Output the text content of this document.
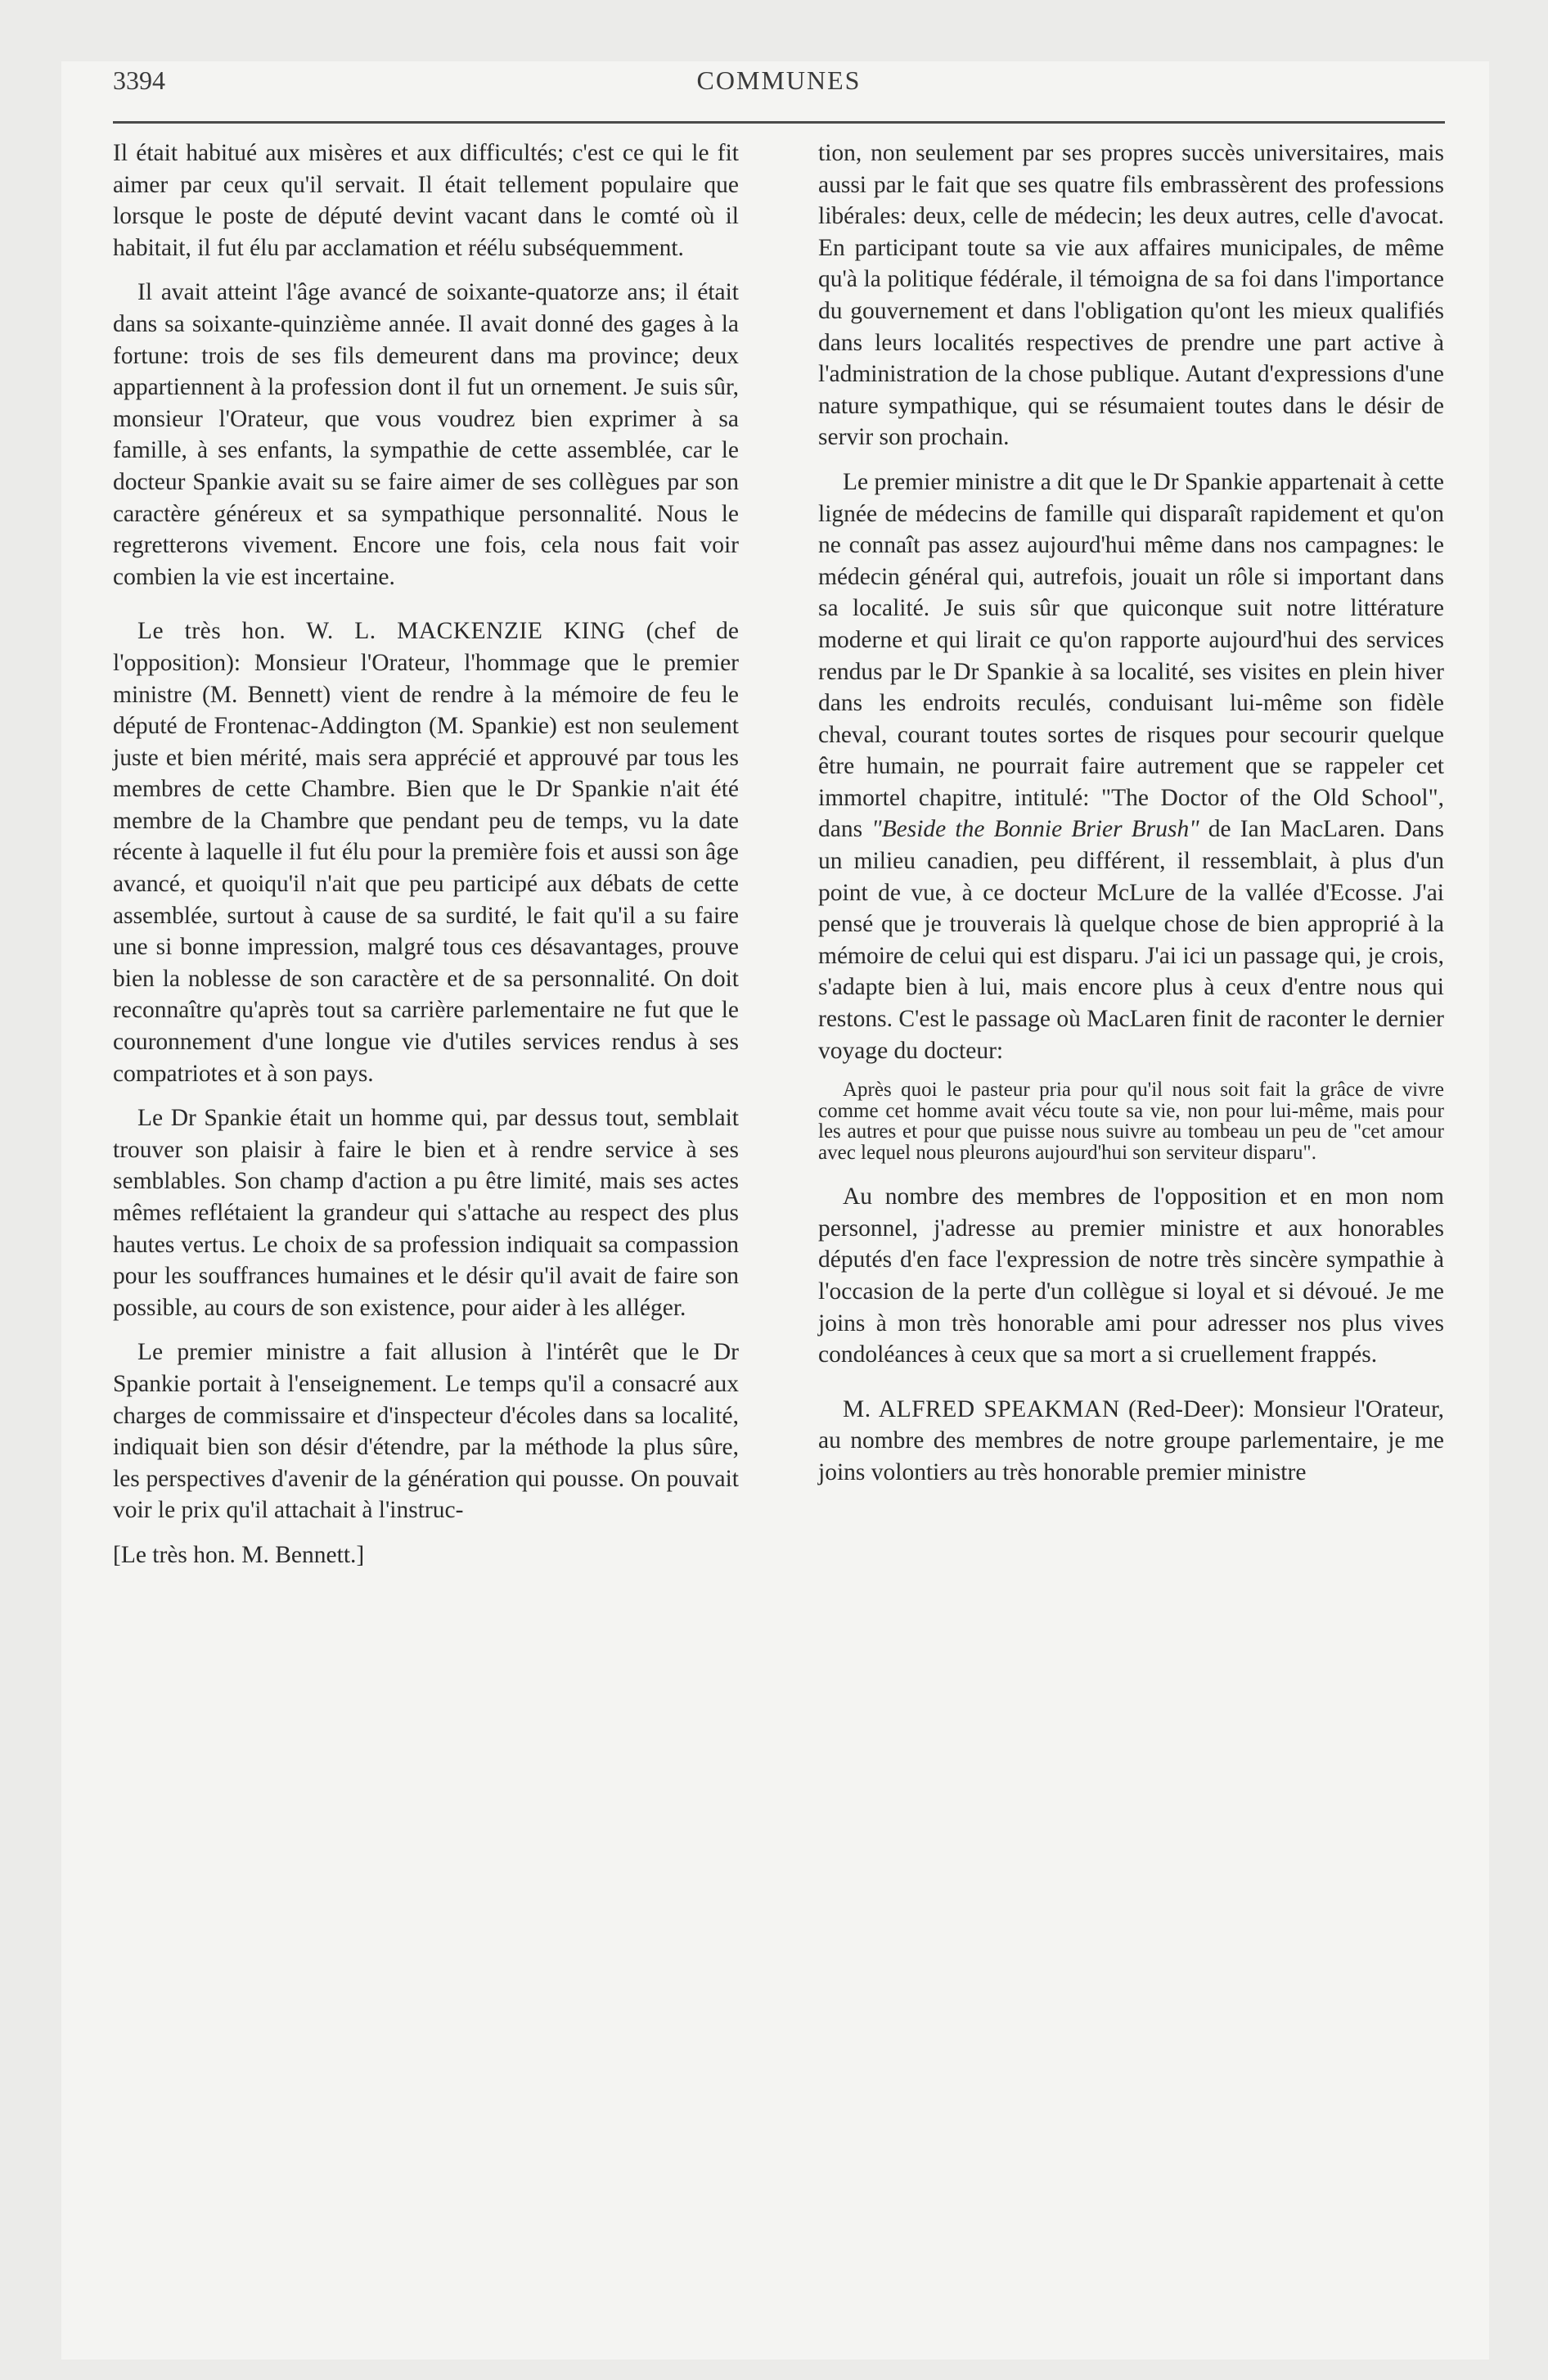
3394	COMMUNES

Il était habitué aux misères et aux difficultés; c'est ce qui le fit aimer par ceux qu'il servait. Il était tellement populaire que lorsque le poste de député devint vacant dans le comté où il habitait, il fut élu par acclamation et réélu subséquemment.

Il avait atteint l'âge avancé de soixante-quatorze ans; il était dans sa soixante-quinzième année. Il avait donné des gages à la fortune: trois de ses fils demeurent dans ma province; deux appartiennent à la profession dont il fut un ornement. Je suis sûr, monsieur l'Orateur, que vous voudrez bien exprimer à sa famille, à ses enfants, la sympathie de cette assemblée, car le docteur Spankie avait su se faire aimer de ses collègues par son caractère généreux et sa sympathique personnalité. Nous le regretterons vivement. Encore une fois, cela nous fait voir combien la vie est incertaine.

Le très hon. W. L. MACKENZIE KING (chef de l'opposition): Monsieur l'Orateur, l'hommage que le premier ministre (M. Bennett) vient de rendre à la mémoire de feu le député de Frontenac-Addington (M. Spankie) est non seulement juste et bien mérité, mais sera apprécié et approuvé par tous les membres de cette Chambre. Bien que le Dr Spankie n'ait été membre de la Chambre que pendant peu de temps, vu la date récente à laquelle il fut élu pour la première fois et aussi son âge avancé, et quoiqu'il n'ait que peu participé aux débats de cette assemblée, surtout à cause de sa surdité, le fait qu'il a su faire une si bonne impression, malgré tous ces désavantages, prouve bien la noblesse de son caractère et de sa personnalité. On doit reconnaître qu'après tout sa carrière parlementaire ne fut que le couronnement d'une longue vie d'utiles services rendus à ses compatriotes et à son pays.

Le Dr Spankie était un homme qui, par dessus tout, semblait trouver son plaisir à faire le bien et à rendre service à ses semblables. Son champ d'action a pu être limité, mais ses actes mêmes reflétaient la grandeur qui s'attache au respect des plus hautes vertus. Le choix de sa profession indiquait sa compassion pour les souffrances humaines et le désir qu'il avait de faire son possible, au cours de son existence, pour aider à les alléger.

Le premier ministre a fait allusion à l'intérêt que le Dr Spankie portait à l'enseignement. Le temps qu'il a consacré aux charges de commissaire et d'inspecteur d'écoles dans sa localité, indiquait bien son désir d'étendre, par la méthode la plus sûre, les perspectives d'avenir de la génération qui pousse. On pouvait voir le prix qu'il attachait à l'instruc-

[Le très hon. M. Bennett.]

tion, non seulement par ses propres succès universitaires, mais aussi par le fait que ses quatre fils embrassèrent des professions libérales: deux, celle de médecin; les deux autres, celle d'avocat. En participant toute sa vie aux affaires municipales, de même qu'à la politique fédérale, il témoigna de sa foi dans l'importance du gouvernement et dans l'obligation qu'ont les mieux qualifiés dans leurs localités respectives de prendre une part active à l'administration de la chose publique. Autant d'expressions d'une nature sympathique, qui se résumaient toutes dans le désir de servir son prochain.

Le premier ministre a dit que le Dr Spankie appartenait à cette lignée de médecins de famille qui disparaît rapidement et qu'on ne connaît pas assez aujourd'hui même dans nos campagnes: le médecin général qui, autrefois, jouait un rôle si important dans sa localité. Je suis sûr que quiconque suit notre littérature moderne et qui lirait ce qu'on rapporte aujourd'hui des services rendus par le Dr Spankie à sa localité, ses visites en plein hiver dans les endroits reculés, conduisant lui-même son fidèle cheval, courant toutes sortes de risques pour secourir quelque être humain, ne pourrait faire autrement que se rappeler cet immortel chapitre, intitulé: "The Doctor of the Old School", dans "Beside the Bonnie Brier Brush" de Ian MacLaren. Dans un milieu canadien, peu différent, il ressemblait, à plus d'un point de vue, à ce docteur McLure de la vallée d'Ecosse. J'ai pensé que je trouverais là quelque chose de bien approprié à la mémoire de celui qui est disparu. J'ai ici un passage qui, je crois, s'adapte bien à lui, mais encore plus à ceux d'entre nous qui restons. C'est le passage où MacLaren finit de raconter le dernier voyage du docteur:

Après quoi le pasteur pria pour qu'il nous soit fait la grâce de vivre comme cet homme avait vécu toute sa vie, non pour lui-même, mais pour les autres et pour que puisse nous suivre au tombeau un peu de "cet amour avec lequel nous pleurons aujourd'hui son serviteur disparu".

Au nombre des membres de l'opposition et en mon nom personnel, j'adresse au premier ministre et aux honorables députés d'en face l'expression de notre très sincère sympathie à l'occasion de la perte d'un collègue si loyal et si dévoué. Je me joins à mon très honorable ami pour adresser nos plus vives condoléances à ceux que sa mort a si cruellement frappés.

M. ALFRED SPEAKMAN (Red-Deer): Monsieur l'Orateur, au nombre des membres de notre groupe parlementaire, je me joins volontiers au très honorable premier ministre
